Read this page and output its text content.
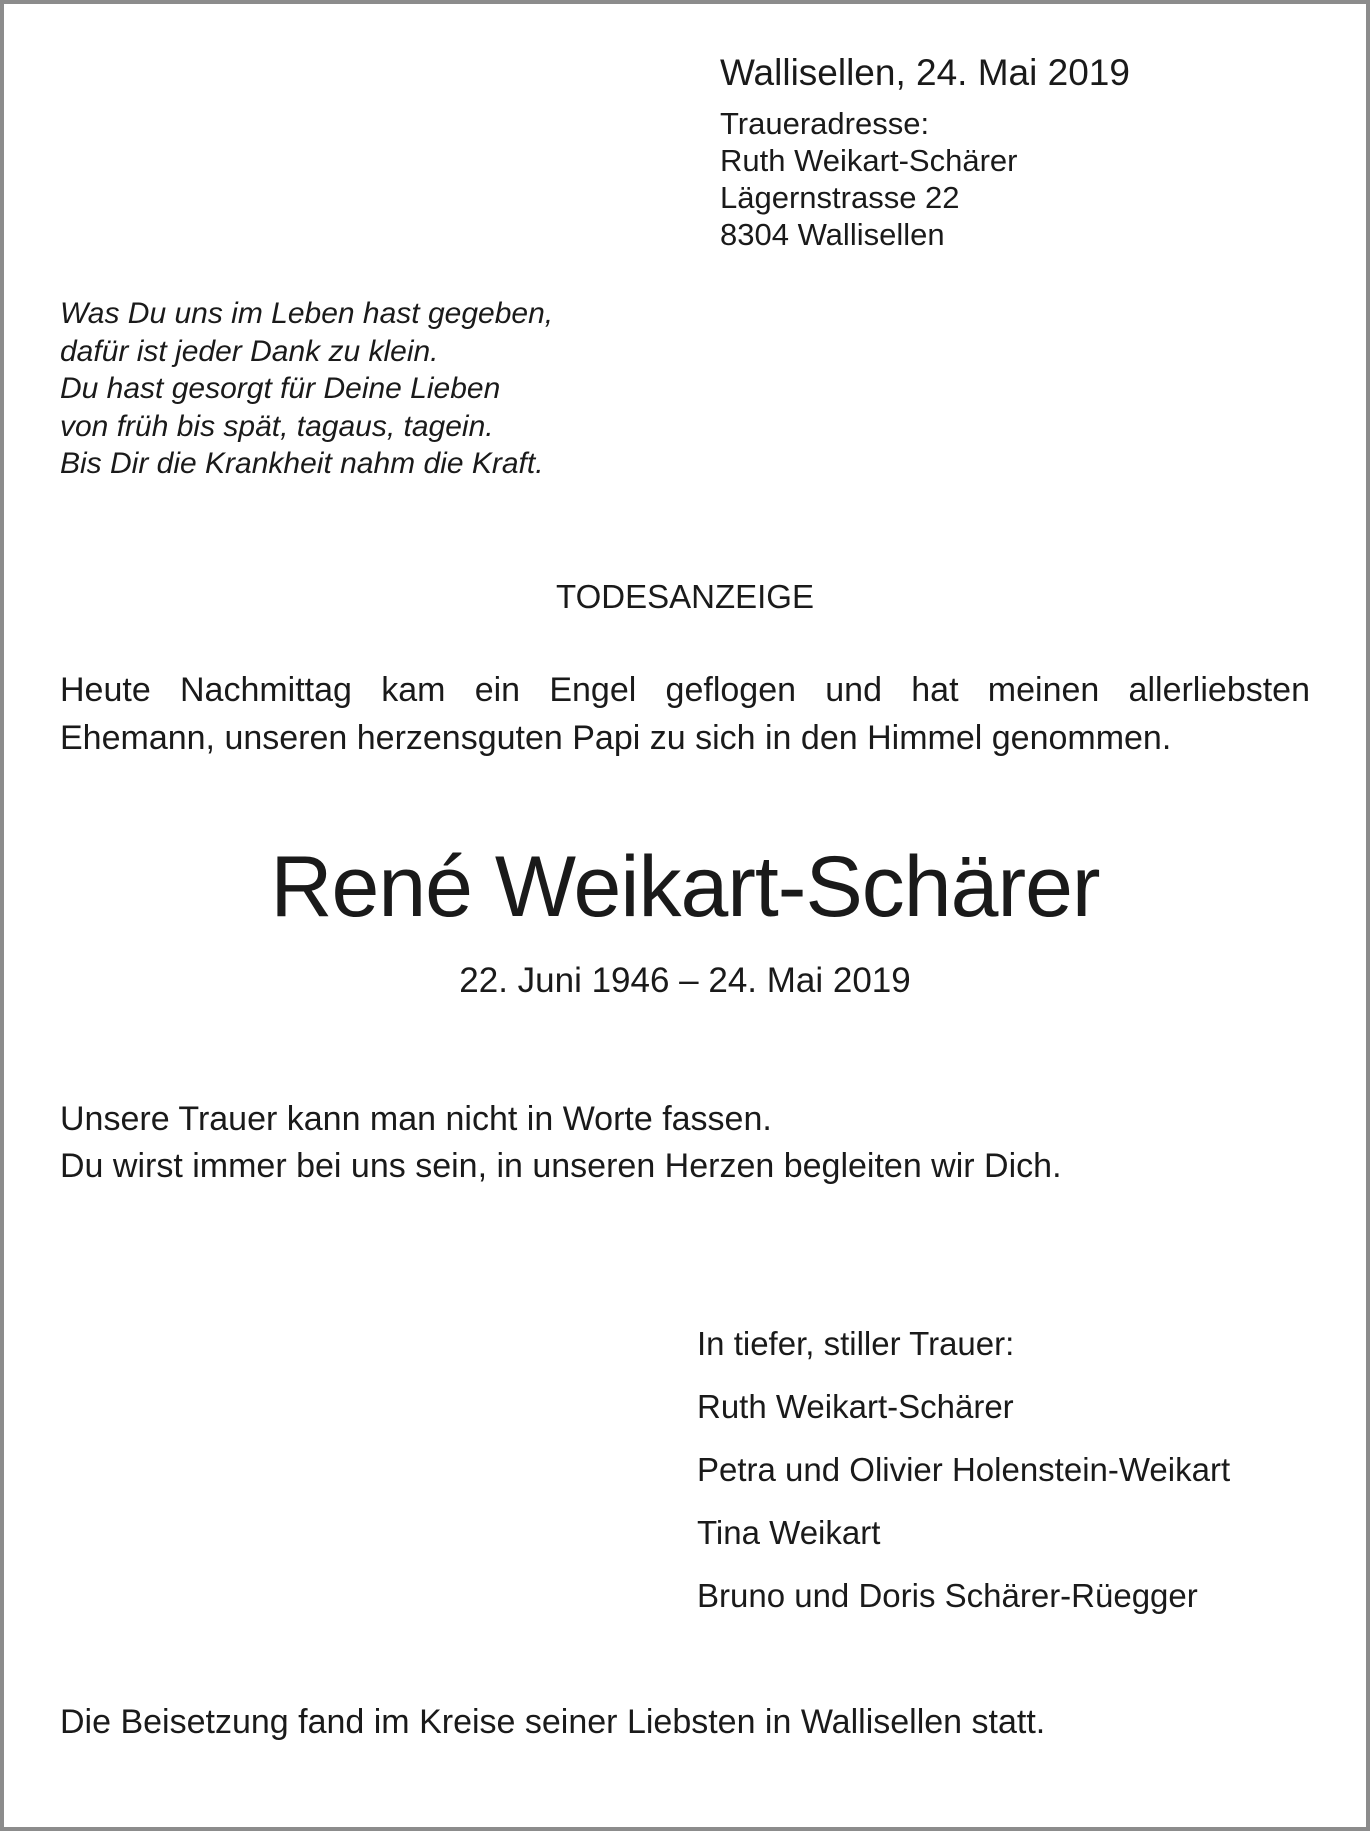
Wallisellen, 24. Mai 2019
Traueradresse:
Ruth Weikart-Schärer
Lägernstrasse 22
8304 Wallisellen
Was Du uns im Leben hast gegeben,
dafür ist jeder Dank zu klein.
Du hast gesorgt für Deine Lieben
von früh bis spät, tagaus, tagein.
Bis Dir die Krankheit nahm die Kraft.
TODESANZEIGE
Heute Nachmittag kam ein Engel geflogen und hat meinen allerliebsten
Ehemann, unseren herzensguten Papi zu sich in den Himmel genommen.
René Weikart-Schärer
22. Juni 1946 – 24. Mai 2019
Unsere Trauer kann man nicht in Worte fassen.
Du wirst immer bei uns sein, in unseren Herzen begleiten wir Dich.
In tiefer, stiller Trauer:
Ruth Weikart-Schärer
Petra und Olivier Holenstein-Weikart
Tina Weikart
Bruno und Doris Schärer-Rüegger
Die Beisetzung fand im Kreise seiner Liebsten in Wallisellen statt.
